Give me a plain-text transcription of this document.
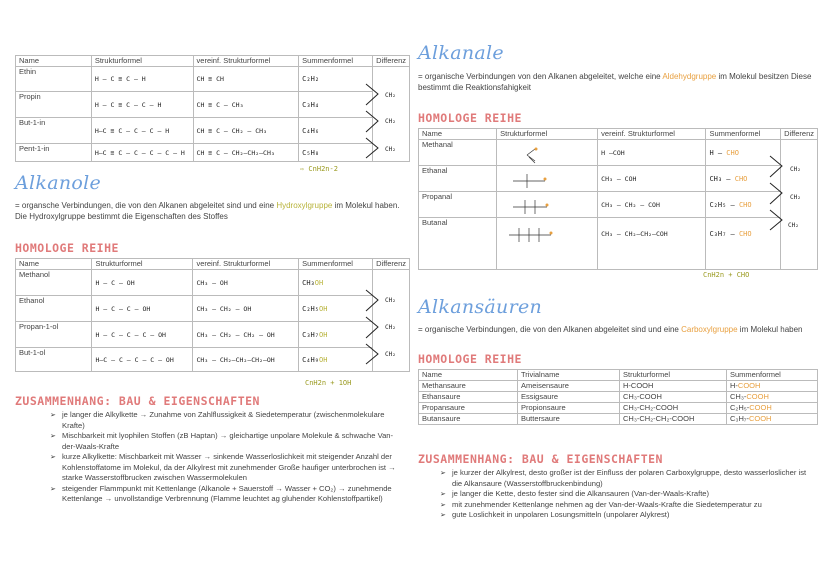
Name	Strukturformel	vereinf. Strukturformel	Summenformel	Differenz
Ethin	H – C ≡ C – H	CH ≡ CH	C₂H₂	
Propin	H – C ≡ C – C – H	CH ≡ C – CH₃	C₃H₄	
But-1-in	H–C ≡ C – C – C – H	CH ≡ C – CH₂ – CH₃	C₄H₆	
Pent-1-in	H–C ≡ C – C – C – C – H	CH ≡ C – CH₂–CH₂–CH₃	C₅H₈	
CH₂
CH₂
CH₂
⇨ CnH2n-2
Alkanole
= organsche Verbindungen, die von den Alkanen abgeleitet sind und eine Hydroxylgruppe im Molekul haben. Die Hydroxylgruppe bestimmt die Eigenschaften des Stoffes
HOMOLOGE REIHE
Name	Strukturformel	vereinf. Strukturformel	Summenformel	Differenz
Methanol	H – C – OH	CH₃ – OH	CH₃OH	
Ethanol	H – C – C – OH	CH₃ – CH₂ – OH	C₂H₅OH	
Propan-1-ol	H – C – C – C – OH	CH₃ – CH₂ – CH₂ – OH	C₃H₇OH	
But-1-ol	H–C – C – C – C – OH	CH₃ – CH₂–CH₂–CH₂–OH	C₄H₉OH	
CH₂
CH₂
CH₂
CnH2n + 1OH
ZUSAMMENHANG: BAU & EIGENSCHAFTEN
➢ je langer die Alkylkette → Zunahme von Zahlflussigkeit & Siedetemperatur (zwischenmolekulare Krafte)
➢ Mischbarkeit mit lyophilen Stoffen (zB Haptan) → gleichartige unpolare Molekule & schwache Van-der-Waals-Krafte
➢ kurze Alkylkette: Mischbarkeit mit Wasser → sinkende Wasserloslichkeit mit steigender Anzahl der Kohlenstoffatome im Molekul, da der Alkylrest mit zunehmender Große haufiger unterbrochen ist → starke Wasserstoffbrucken zwischen Wassermolekulen
➢ steigender Flammpunkt mit Kettenlange (Alkanole + Sauerstoff → Wasser + CO₂) → zunehmende Kettenlange → unvollstandige Verbrennung (Flamme leuchtet ag gluhender Kohlenstoffpartikel)
Alkanale
= organische Verbindungen von den Alkanen abgeleitet, welche eine Aldehydgruppe im Molekul besitzen Diese bestimmt die Reaktionsfahigkeit
HOMOLOGE REIHE
Name	Strukturformel	vereinf. Strukturformel	Summenformel	Differenz
Methanal		H –COH	H – CHO	
Ethanal		CH₃ – COH	CH₃ – CHO	
Propanal		CH₃ – CH₂ – COH	C₂H₅ – CHO	
Butanal		CH₃ – CH₂–CH₂–COH	C₃H₇ – CHO	
CH₂
CH₂
CH₂
CnH2n + CHO
Alkansäuren
= organische Verbindungen, die von den Alkanen abgeleitet sind und eine Carboxylgruppe im Molekul haben
HOMOLOGE REIHE
Name	Trivialname	Strukturformel	Summenformel
Methansaure	Ameisensaure	H-COOH	H-COOH
Ethansaure	Essigsaure	CH₃-COOH	CH₃-COOH
Propansaure	Propionsaure	CH₃-CH₂-COOH	C₂H₅-COOH
Butansaure	Buttersaure	CH₃-CH₂-CH₂-COOH	C₃H₇-COOH
ZUSAMMENHANG: BAU & EIGENSCHAFTEN
➢ je kurzer der Alkylrest, desto großer ist der Einfluss der polaren Carboxylgruppe, desto wasserloslicher ist die Alkansaure (Wasserstoffbruckenbindung)
➢ je langer die Kette, desto fester sind die Alkansauren (Van-der-Waals-Krafte)
➢ mit zunehmender Kettenlange nehmen ag der Van-der-Waals-Krafte die Siedetemperatur zu
➢ gute Loslichkeit in unpolaren Losungsmitteln (unpolarer Alykrest)
